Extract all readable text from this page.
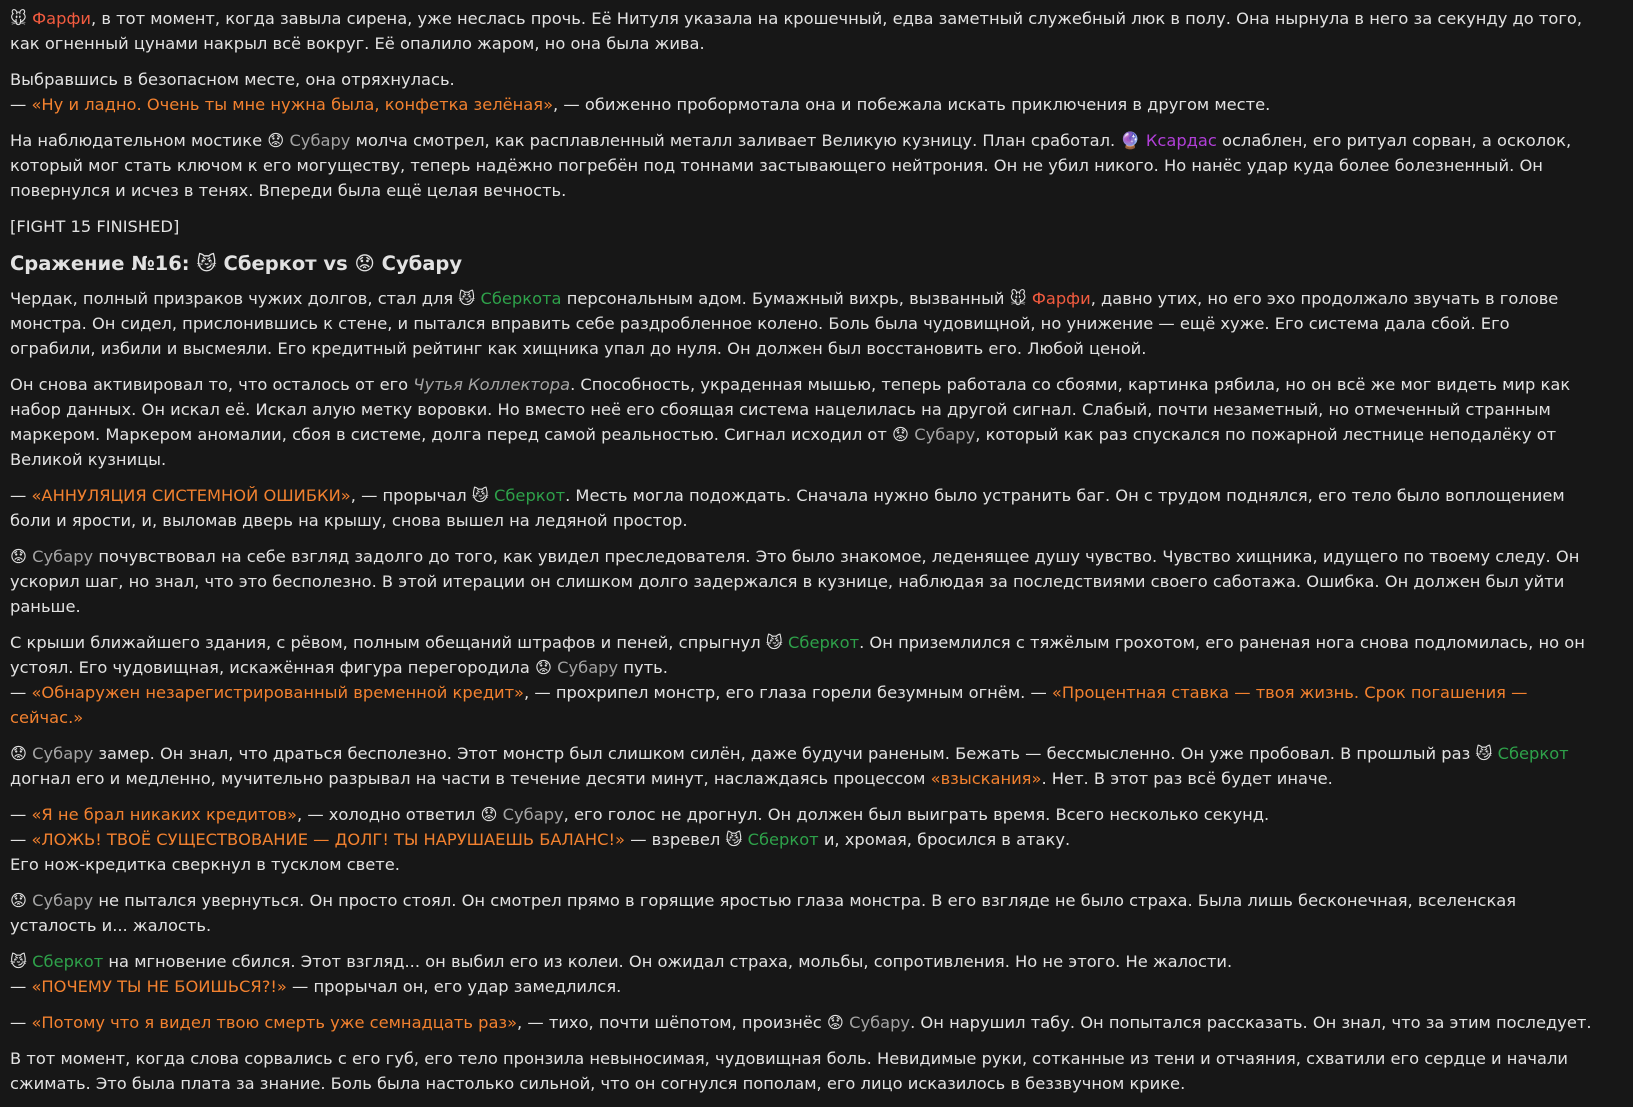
🐭 Фарфи, в тот момент, когда завыла сирена, уже неслась прочь. Её Нитуля указала на крошечный, едва заметный служебный люк в полу. Она нырнула в него за секунду до того, как огненный цунами накрыл всё вокруг. Её опалило жаром, но она была жива.
Выбравшись в безопасном месте, она отряхнулась.
— «Ну и ладно. Очень ты мне нужна была, конфетка зелёная», — обиженно пробормотала она и побежала искать приключения в другом месте.
На наблюдательном мостике 😟 Субару молча смотрел, как расплавленный металл заливает Великую кузницу. План сработал. 🔮 Ксардас ослаблен, его ритуал сорван, а осколок, который мог стать ключом к его могуществу, теперь надёжно погребён под тоннами застывающего нейтрония. Он не убил никого. Но нанёс удар куда более болезненный. Он повернулся и исчез в тенях. Впереди была ещё целая вечность.
[FIGHT 15 FINISHED]
Сражение №16: 😼 Сберкот vs 😟 Субару
Чердак, полный призраков чужих долгов, стал для 😼 Сберкота персональным адом. Бумажный вихрь, вызванный 🐭 Фарфи, давно утих, но его эхо продолжало звучать в голове монстра. Он сидел, прислонившись к стене, и пытался вправить себе раздробленное колено. Боль была чудовищной, но унижение — ещё хуже. Его система дала сбой. Его ограбили, избили и высмеяли. Его кредитный рейтинг как хищника упал до нуля. Он должен был восстановить его. Любой ценой.
Он снова активировал то, что осталось от его Чутья Коллектора. Способность, украденная мышью, теперь работала со сбоями, картинка рябила, но он всё же мог видеть мир как набор данных. Он искал её. Искал алую метку воровки. Но вместо неё его сбоящая система нацелилась на другой сигнал. Слабый, почти незаметный, но отмеченный странным маркером. Маркером аномалии, сбоя в системе, долга перед самой реальностью. Сигнал исходил от 😟 Субару, который как раз спускался по пожарной лестнице неподалёку от Великой кузницы.
— «АННУЛЯЦИЯ СИСТЕМНОЙ ОШИБКИ», — прорычал 😼 Сберкот. Месть могла подождать. Сначала нужно было устранить баг. Он с трудом поднялся, его тело было воплощением боли и ярости, и, выломав дверь на крышу, снова вышел на ледяной простор.
😟 Субару почувствовал на себе взгляд задолго до того, как увидел преследователя. Это было знакомое, леденящее душу чувство. Чувство хищника, идущего по твоему следу. Он ускорил шаг, но знал, что это бесполезно. В этой итерации он слишком долго задержался в кузнице, наблюдая за последствиями своего саботажа. Ошибка. Он должен был уйти раньше.
С крыши ближайшего здания, с рёвом, полным обещаний штрафов и пеней, спрыгнул 😼 Сберкот. Он приземлился с тяжёлым грохотом, его раненая нога снова подломилась, но он устоял. Его чудовищная, искажённая фигура перегородила 😟 Субару путь.
— «Обнаружен незарегистрированный временной кредит», — прохрипел монстр, его глаза горели безумным огнём. — «Процентная ставка — твоя жизнь. Срок погашения — сейчас.»
😟 Субару замер. Он знал, что драться бесполезно. Этот монстр был слишком силён, даже будучи раненым. Бежать — бессмысленно. Он уже пробовал. В прошлый раз 😼 Сберкот догнал его и медленно, мучительно разрывал на части в течение десяти минут, наслаждаясь процессом «взыскания». Нет. В этот раз всё будет иначе.
— «Я не брал никаких кредитов», — холодно ответил 😟 Субару, его голос не дрогнул. Он должен был выиграть время. Всего несколько секунд.
— «ЛОЖЬ! ТВОЁ СУЩЕСТВОВАНИЕ — ДОЛГ! ТЫ НАРУШАЕШЬ БАЛАНС!» — взревел 😼 Сберкот и, хромая, бросился в атаку.
Его нож-кредитка сверкнул в тусклом свете.
😟 Субару не пытался увернуться. Он просто стоял. Он смотрел прямо в горящие яростью глаза монстра. В его взгляде не было страха. Была лишь бесконечная, вселенская усталость и... жалость.
😼 Сберкот на мгновение сбился. Этот взгляд... он выбил его из колеи. Он ожидал страха, мольбы, сопротивления. Но не этого. Не жалости.
— «ПОЧЕМУ ТЫ НЕ БОИШЬСЯ?!» — прорычал он, его удар замедлился.
— «Потому что я видел твою смерть уже семнадцать раз», — тихо, почти шёпотом, произнёс 😟 Субару. Он нарушил табу. Он попытался рассказать. Он знал, что за этим последует.
В тот момент, когда слова сорвались с его губ, его тело пронзила невыносимая, чудовищная боль. Невидимые руки, сотканные из тени и отчаяния, схватили его сердце и начали сжимать. Это была плата за знание. Боль была настолько сильной, что он согнулся пополам, его лицо исказилось в беззвучном крике.
